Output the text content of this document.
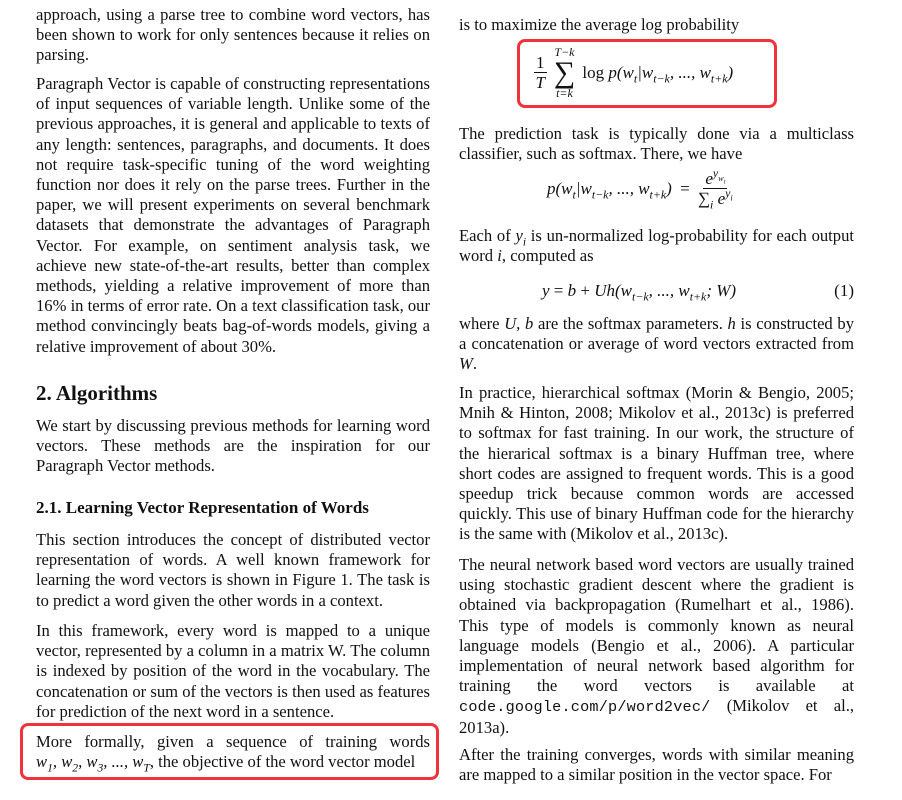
approach, using a parse tree to combine word vectors, has been shown to work for only sentences because it relies on parsing.

Paragraph Vector is capable of constructing representations of input sequences of variable length. Unlike some of the previous approaches, it is general and applicable to texts of any length: sentences, paragraphs, and documents. It does not require task-specific tuning of the word weighting function nor does it rely on the parse trees. Further in the paper, we will present experiments on several benchmark datasets that demonstrate the advantages of Paragraph Vector. For example, on sentiment analysis task, we achieve new state-of-the-art results, better than complex methods, yielding a relative improvement of more than 16% in terms of error rate. On a text classification task, our method convincingly beats bag-of-words models, giving a relative improvement of about 30%.

2. Algorithms

We start by discussing previous methods for learning word vectors. These methods are the inspiration for our Paragraph Vector methods.

2.1. Learning Vector Representation of Words

This section introduces the concept of distributed vector representation of words. A well known framework for learning the word vectors is shown in Figure 1. The task is to predict a word given the other words in a context.

In this framework, every word is mapped to a unique vector, represented by a column in a matrix W. The column is indexed by position of the word in the vocabulary. The concatenation or sum of the vectors is then used as features for prediction of the next word in a sentence.

More formally, given a sequence of training words

$w_1$, $w_2$, $w_3$, ..., $w_T$, the objective of the word vector model

is to maximize the average log probability

$\frac{1}{T}$

T−k
∑
t=k
$\log p(w_t|w_{t-k}$, ..., $w_{t+k}$)

The prediction task is typically done via a multiclass classifier, such as softmax. There, we have

$p(w_t|w_{t-k}$, ..., $w_{t+k}) = \frac{e^{y_{w_t}}}{\sum_i e^{y_i}}$

Each of $y_i$ is un-normalized log-probability for each output word i, computed as

$y = b + Uh(w_{t-k}$, ..., $w_{t+k}$; W)	(1)

where U, b are the softmax parameters. h is constructed by a concatenation or average of word vectors extracted from W.

In practice, hierarchical softmax (Morin & Bengio, 2005; Mnih & Hinton, 2008; Mikolov et al., 2013c) is preferred to softmax for fast training. In our work, the structure of the hierarical softmax is a binary Huffman tree, where short codes are assigned to frequent words. This is a good speedup trick because common words are accessed quickly. This use of binary Huffman code for the hierarchy is the same with (Mikolov et al., 2013c).

The neural network based word vectors are usually trained using stochastic gradient descent where the gradient is obtained via backpropagation (Rumelhart et al., 1986). This type of models is commonly known as neural language models (Bengio et al., 2006). A particular implementation of neural network based algorithm for training the word vectors is available at code.google.com/p/word2vec/ (Mikolov et al., 2013a).

After the training converges, words with similar meaning are mapped to a similar position in the vector space. For
